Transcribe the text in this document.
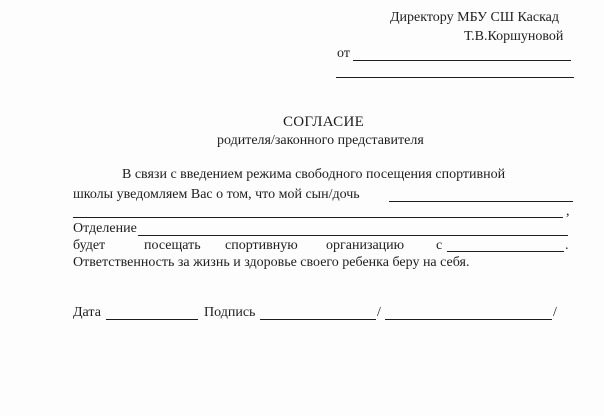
Директору МБУ СШ Каскад
Т.В.Коршуновой
от
СОГЛАСИЕ
родителя/законного представителя
В связи с введением режима свободного посещения спортивной
школы уведомляем Вас о том, что мой сын/дочь
,
Отделение
будет	посещать спортивную организацию с	.
Ответственность за жизнь и здоровье своего ребенка беру на себя.
Дата	Подпись	/	/
